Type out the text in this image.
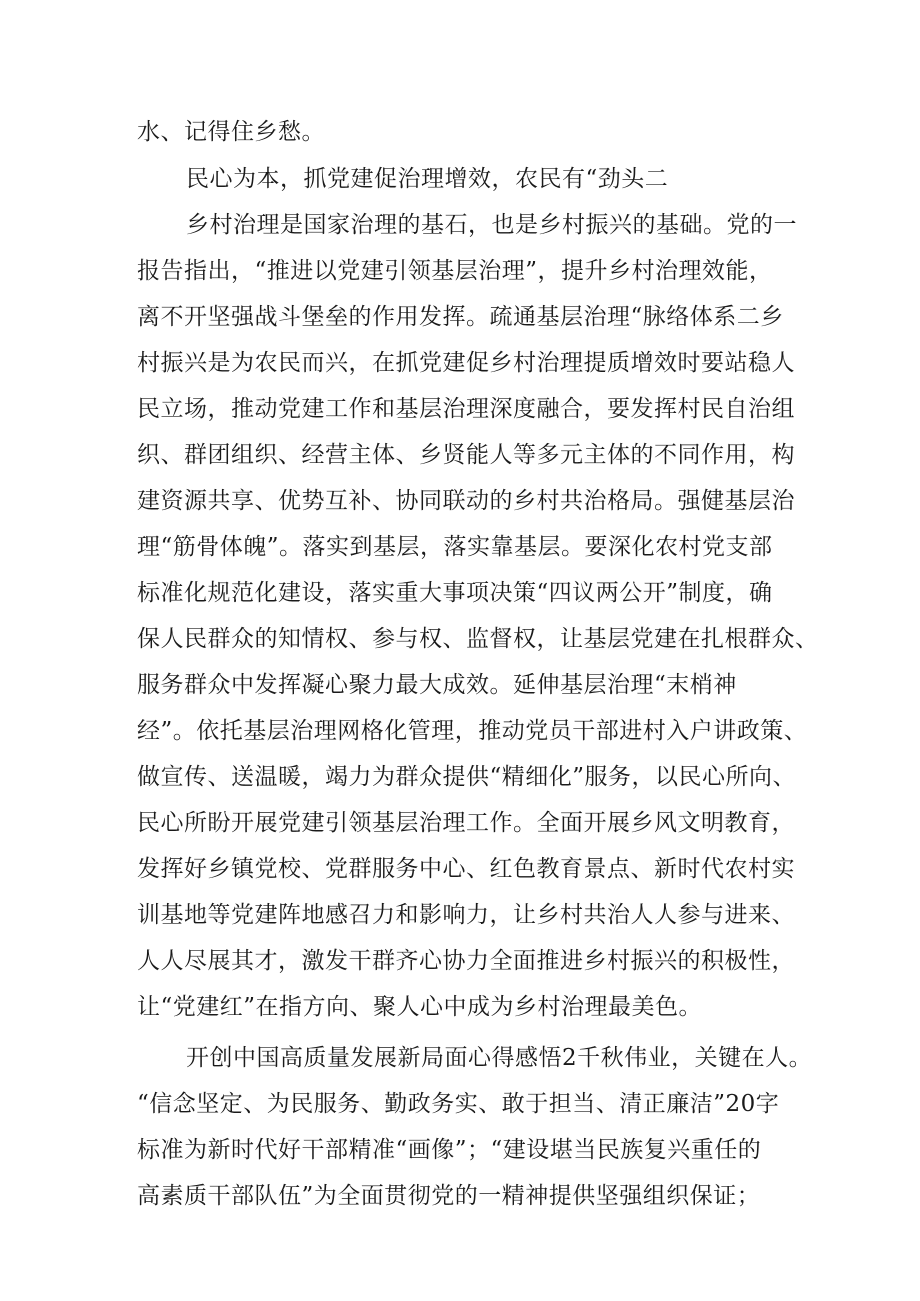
水、记得住乡愁。
民心为本，抓党建促治理增效，农民有“劲头二
乡村治理是国家治理的基石，也是乡村振兴的基础。党的一
报告指出，“推进以党建引领基层治理”，提升乡村治理效能，
离不开坚强战斗堡垒的作用发挥。疏通基层治理“脉络体系二乡
村振兴是为农民而兴，在抓党建促乡村治理提质增效时要站稳人
民立场，推动党建工作和基层治理深度融合，要发挥村民自治组
织、群团组织、经营主体、乡贤能人等多元主体的不同作用，构
建资源共享、优势互补、协同联动的乡村共治格局。强健基层治
理“筋骨体魄”。落实到基层，落实靠基层。要深化农村党支部
标准化规范化建设，落实重大事项决策“四议两公开”制度，确
保人民群众的知情权、参与权、监督权，让基层党建在扎根群众、
服务群众中发挥凝心聚力最大成效。延伸基层治理“末梢神
经”。依托基层治理网格化管理，推动党员干部进村入户讲政策、
做宣传、送温暖，竭力为群众提供“精细化”服务，以民心所向、
民心所盼开展党建引领基层治理工作。全面开展乡风文明教育，
发挥好乡镇党校、党群服务中心、红色教育景点、新时代农村实
训基地等党建阵地感召力和影响力，让乡村共治人人参与进来、
人人尽展其才，激发干群齐心协力全面推进乡村振兴的积极性，
让“党建红”在指方向、聚人心中成为乡村治理最美色。
开创中国高质量发展新局面心得感悟2千秋伟业，关键在人。
“信念坚定、为民服务、勤政务实、敢于担当、清正廉洁”20字
标准为新时代好干部精准“画像”；“建设堪当民族复兴重任的
高素质干部队伍”为全面贯彻党的一精神提供坚强组织保证；
